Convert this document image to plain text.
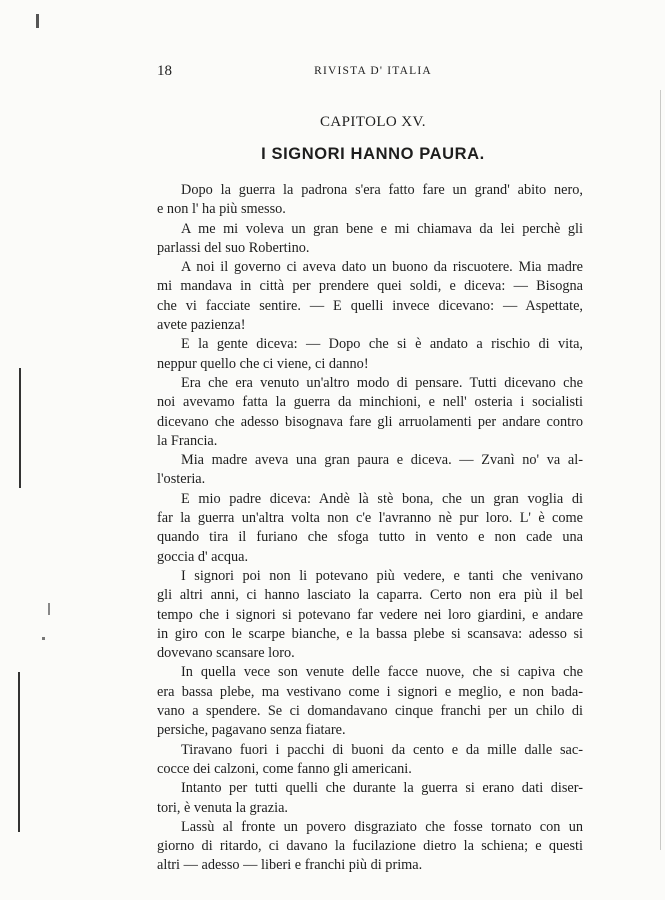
18	RIVISTA D' ITALIA
CAPITOLO XV.
I SIGNORI HANNO PAURA.

Dopo la guerra la padrona s'era fatto fare un grand' abito nero,

e non l' ha più smesso.

A me mi voleva un gran bene e mi chiamava da lei perchè gli

parlassi del suo Robertino.

A noi il governo ci aveva dato un buono da riscuotere. Mia madre

mi mandava in città per prendere quei soldi, e diceva: — Bisogna

che vi facciate sentire. — E quelli invece dicevano: — Aspettate,

avete pazienza!

E la gente diceva: — Dopo che si è andato a rischio di vita,

neppur quello che ci viene, ci danno!

Era che era venuto un'altro modo di pensare. Tutti dicevano che

noi avevamo fatta la guerra da minchioni, e nell' osteria i socialisti

dicevano che adesso bisognava fare gli arruolamenti per andare contro

la Francia.

Mia madre aveva una gran paura e diceva. — Zvanì no' va al-

l'osteria.

E mio padre diceva: Andè là stè bona, che un gran voglia di

far la guerra un'altra volta non c'e l'avranno nè pur loro. L' è come

quando tira il furiano che sfoga tutto in vento e non cade una

goccia d' acqua.

I signori poi non li potevano più vedere, e tanti che venivano

gli altri anni, ci hanno lasciato la caparra. Certo non era più il bel

tempo che i signori si potevano far vedere nei loro giardini, e andare

in giro con le scarpe bianche, e la bassa plebe si scansava: adesso si

dovevano scansare loro.

In quella vece son venute delle facce nuove, che si capiva che

era bassa plebe, ma vestivano come i signori e meglio, e non bada-

vano a spendere. Se ci domandavano cinque franchi per un chilo di

persiche, pagavano senza fiatare.

Tiravano fuori i pacchi di buoni da cento e da mille dalle sac-

cocce dei calzoni, come fanno gli americani.

Intanto per tutti quelli che durante la guerra si erano dati diser-

tori, è venuta la grazia.

Lassù al fronte un povero disgraziato che fosse tornato con un

giorno di ritardo, ci davano la fucilazione dietro la schiena; e questi

altri — adesso — liberi e franchi più di prima.
